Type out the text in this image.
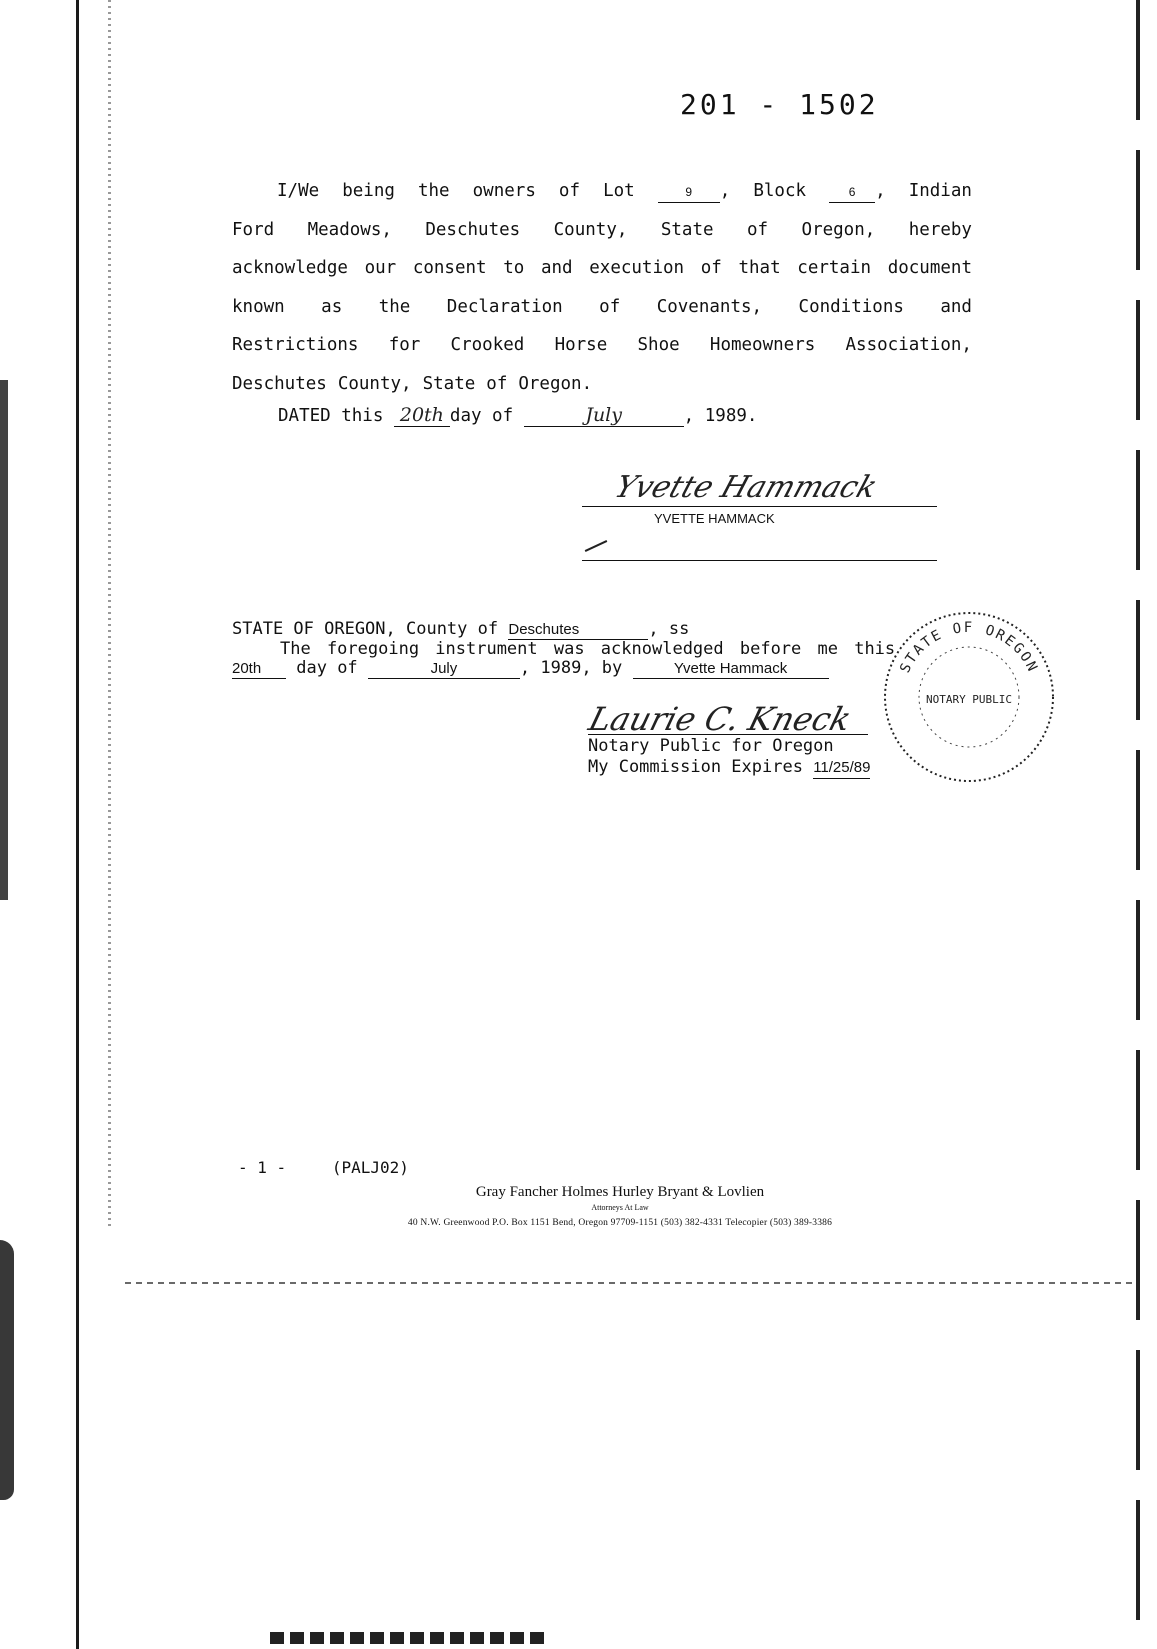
201 - 1502
I/We being the owners of Lot	9 , Block	6 , Indian
Ford Meadows, Deschutes County, State of Oregon, hereby
acknowledge our consent to and execution of that certain document
known as the Declaration of Covenants, Conditions and
Restrictions for Crooked Horse Shoe Homeowners Association,
Deschutes County, State of Oregon.
DATED this 20th day of	July	, 1989.
Yvette Hammack
YVETTE HAMMACK
STATE OF OREGON, County of Deschutes	, ss
The foregoing instrument was acknowledged before me this
20th day of	July	, 1989, by	Yvette Hammack
Laurie C. Kneck
Notary Public for Oregon
My Commission Expires 11/25/89
STATE OF OREGON
NOTARY PUBLIC
- 1 -	(PALJ02)
Gray Fancher Holmes Hurley Bryant & Lovlien
Attorneys At Law
40 N.W. Greenwood P.O. Box 1151 Bend, Oregon 97709-1151 (503) 382-4331 Telecopier (503) 389-3386
